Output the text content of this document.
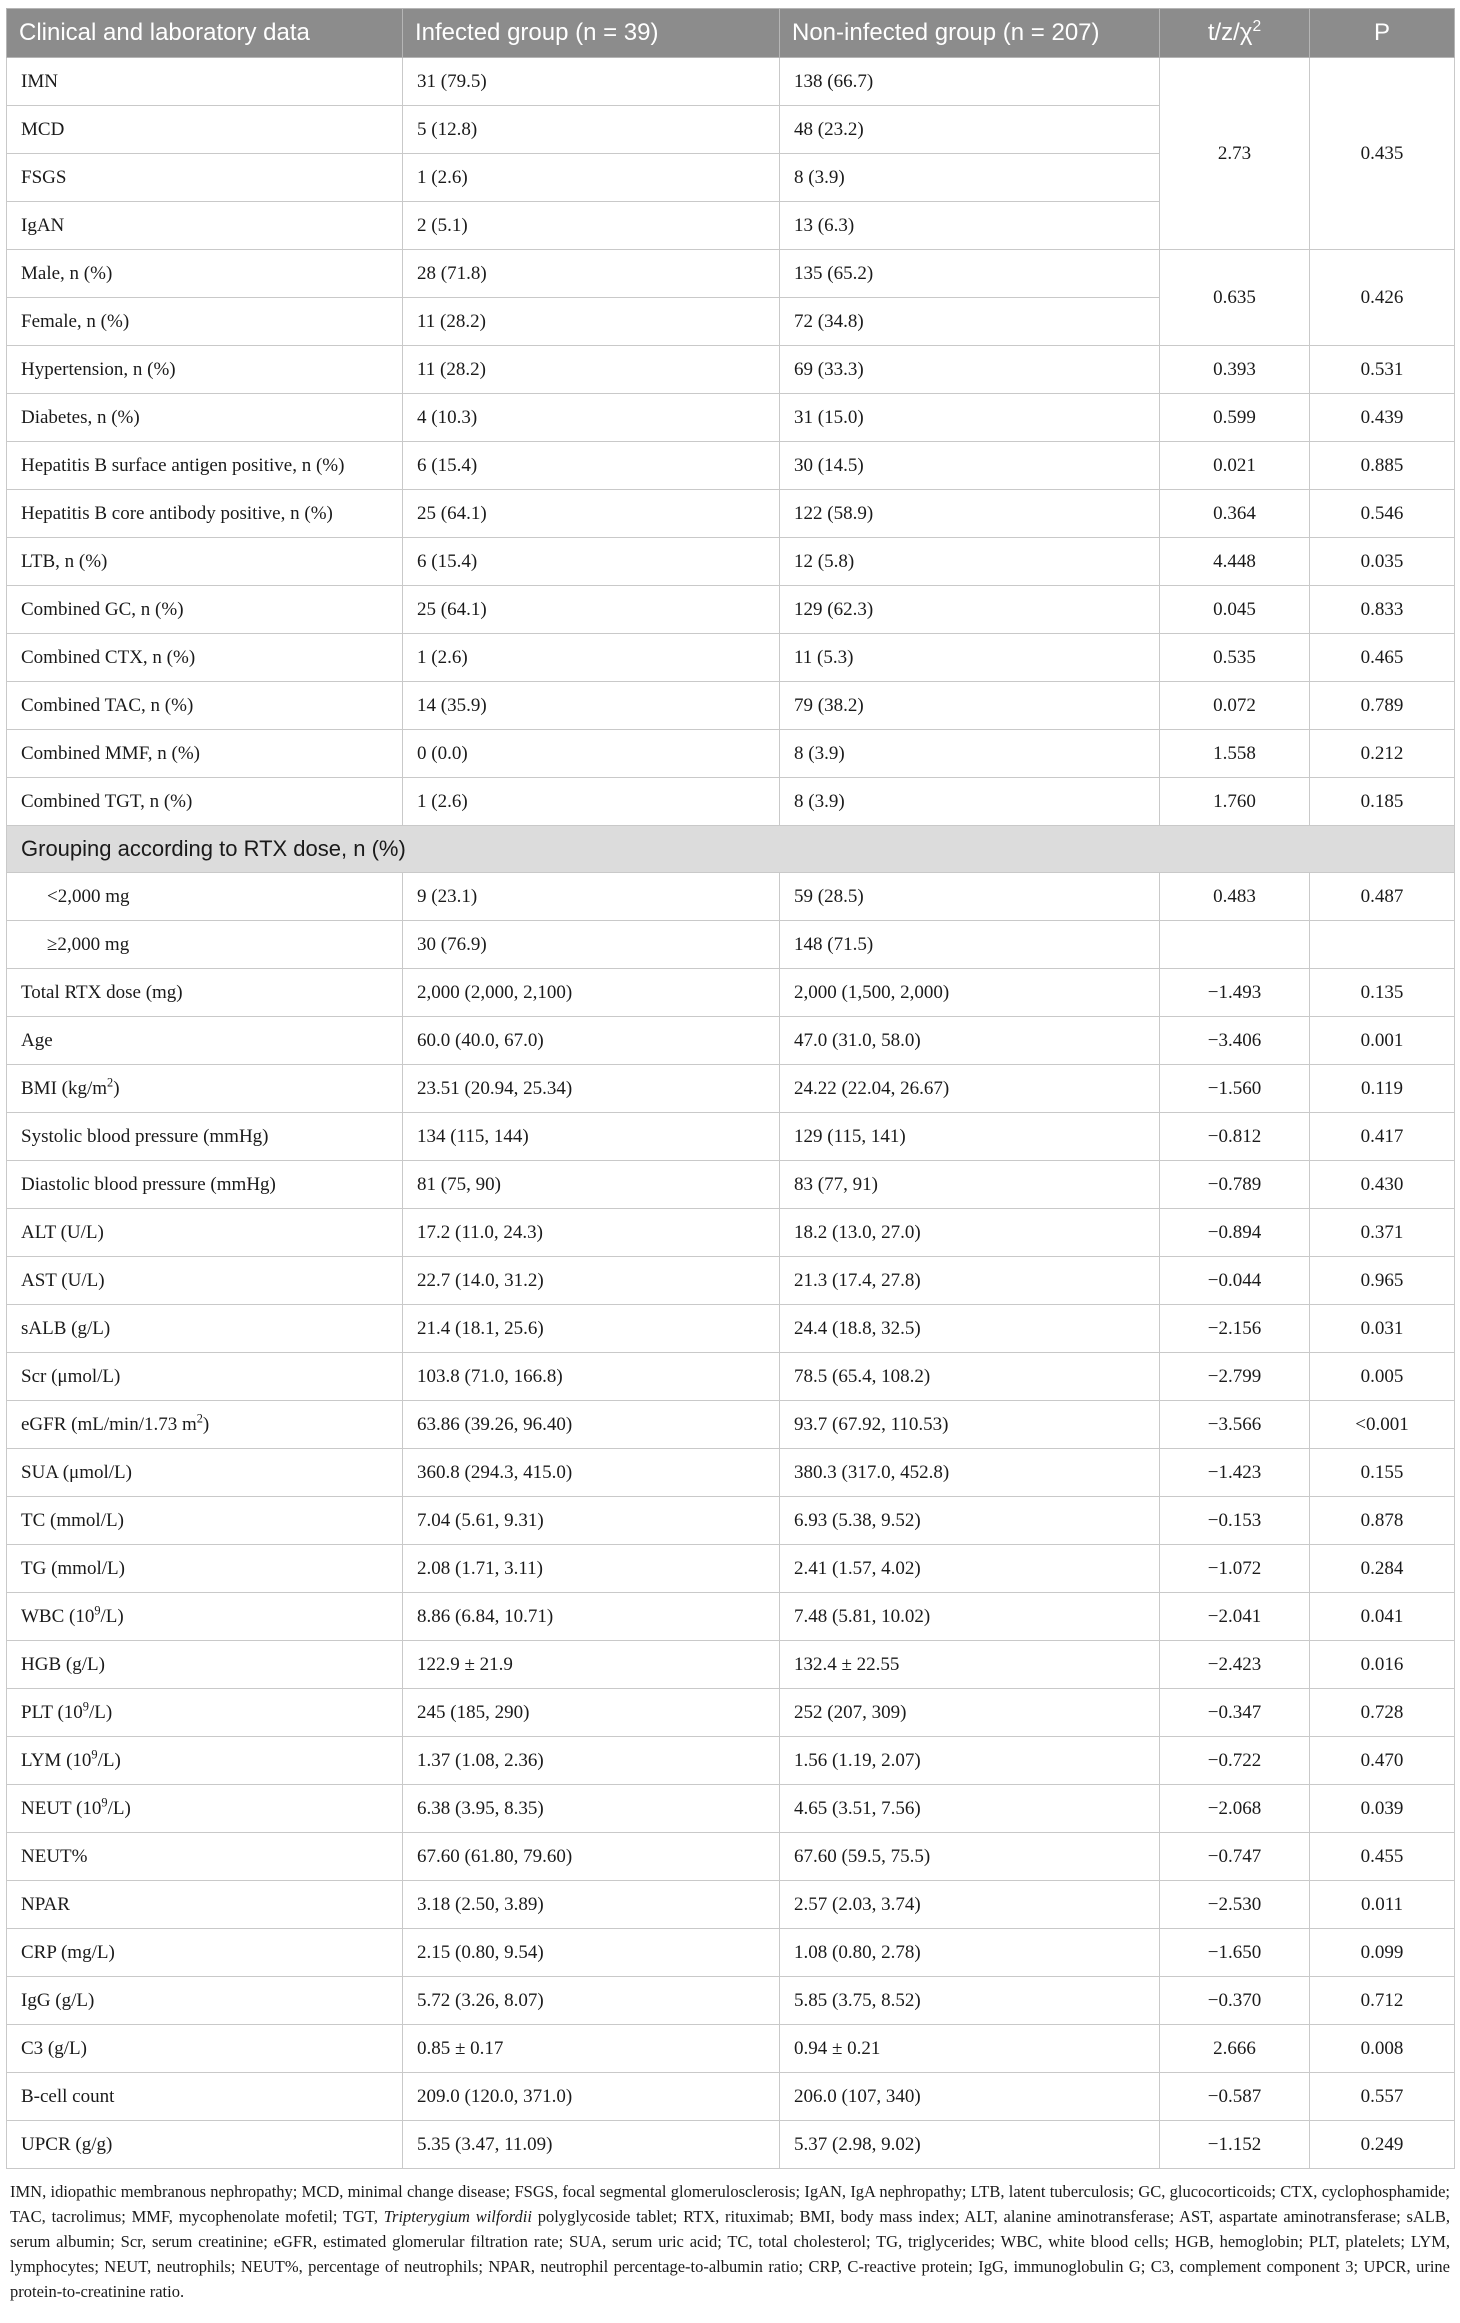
Clinical and laboratory data	Infected group (n = 39)	Non-infected group (n = 207)	$t/z/\chi^2$	P
IMN	31 (79.5)	138 (66.7)	2.73	0.435
MCD	5 (12.8)	48 (23.2)		
FSGS	1 (2.6)	8 (3.9)		
IgAN	2 (5.1)	13 (6.3)		
Male, n (%)	28 (71.8)	135 (65.2)	0.635	0.426
Female, n (%)	11 (28.2)	72 (34.8)		
Hypertension, n (%)	11 (28.2)	69 (33.3)	0.393	0.531
Diabetes, n (%)	4 (10.3)	31 (15.0)	0.599	0.439
Hepatitis B surface antigen positive, n (%)	6 (15.4)	30 (14.5)	0.021	0.885
Hepatitis B core antibody positive, n (%)	25 (64.1)	122 (58.9)	0.364	0.546
LTB, n (%)	6 (15.4)	12 (5.8)	4.448	0.035
Combined GC, n (%)	25 (64.1)	129 (62.3)	0.045	0.833
Combined CTX, n (%)	1 (2.6)	11 (5.3)	0.535	0.465
Combined TAC, n (%)	14 (35.9)	79 (38.2)	0.072	0.789
Combined MMF, n (%)	0 (0.0)	8 (3.9)	1.558	0.212
Combined TGT, n (%)	1 (2.6)	8 (3.9)	1.760	0.185
Grouping according to RTX dose, n (%)				
<2,000 mg	9 (23.1)	59 (28.5)	0.483	0.487
≥2,000 mg	30 (76.9)	148 (71.5)		
Total RTX dose (mg)	2,000 (2,000, 2,100)	2,000 (1,500, 2,000)	−1.493	0.135
Age	60.0 (40.0, 67.0)	47.0 (31.0, 58.0)	−3.406	0.001
BMI $(kg/m^2)$	23.51 (20.94, 25.34)	24.22 (22.04, 26.67)	−1.560	0.119
Systolic blood pressure (mmHg)	134 (115, 144)	129 (115, 141)	−0.812	0.417
Diastolic blood pressure (mmHg)	81 (75, 90)	83 (77, 91)	−0.789	0.430
ALT (U/L)	17.2 (11.0, 24.3)	18.2 (13.0, 27.0)	−0.894	0.371
AST (U/L)	22.7 (14.0, 31.2)	21.3 (17.4, 27.8)	−0.044	0.965
sALB (g/L)	21.4 (18.1, 25.6)	24.4 (18.8, 32.5)	−2.156	0.031
Scr (μmol/L)	103.8 (71.0, 166.8)	78.5 (65.4, 108.2)	−2.799	0.005
eGFR (mL/min/1.73 $m^2$)	63.86 (39.26, 96.40)	93.7 (67.92, 110.53)	−3.566	<0.001
SUA (μmol/L)	360.8 (294.3, 415.0)	380.3 (317.0, 452.8)	−1.423	0.155
TC (mmol/L)	7.04 (5.61, 9.31)	6.93 (5.38, 9.52)	−0.153	0.878
TG (mmol/L)	2.08 (1.71, 3.11)	2.41 (1.57, 4.02)	−1.072	0.284
WBC $(10^9/L)$	8.86 (6.84, 10.71)	7.48 (5.81, 10.02)	−2.041	0.041
HGB (g/L)	122.9 ± 21.9	132.4 ± 22.55	−2.423	0.016
PLT $(10^9/L)$	245 (185, 290)	252 (207, 309)	−0.347	0.728
LYM $(10^9/L)$	1.37 (1.08, 2.36)	1.56 (1.19, 2.07)	−0.722	0.470
NEUT $(10^9/L)$	6.38 (3.95, 8.35)	4.65 (3.51, 7.56)	−2.068	0.039
NEUT%	67.60 (61.80, 79.60)	67.60 (59.5, 75.5)	−0.747	0.455
NPAR	3.18 (2.50, 3.89)	2.57 (2.03, 3.74)	−2.530	0.011
CRP (mg/L)	2.15 (0.80, 9.54)	1.08 (0.80, 2.78)	−1.650	0.099
IgG (g/L)	5.72 (3.26, 8.07)	5.85 (3.75, 8.52)	−0.370	0.712
C3 (g/L)	0.85 ± 0.17	0.94 ± 0.21	2.666	0.008
B-cell count	209.0 (120.0, 371.0)	206.0 (107, 340)	−0.587	0.557
UPCR (g/g)	5.35 (3.47, 11.09)	5.37 (2.98, 9.02)	−1.152	0.249
IMN, idiopathic membranous nephropathy; MCD, minimal change disease; FSGS, focal segmental glomerulosclerosis; IgAN, IgA nephropathy; LTB, latent tuberculosis; GC, glucocorticoids; CTX, cyclophosphamide; TAC, tacrolimus; MMF, mycophenolate mofetil; TGT, Tripterygium wilfordii polyglycoside tablet; RTX, rituximab; BMI, body mass index; ALT, alanine aminotransferase; AST, aspartate aminotransferase; sALB, serum albumin; Scr, serum creatinine; eGFR, estimated glomerular filtration rate; SUA, serum uric acid; TC, total cholesterol; TG, triglycerides; WBC, white blood cells; HGB, hemoglobin; PLT, platelets; LYM, lymphocytes; NEUT, neutrophils; NEUT%, percentage of neutrophils; NPAR, neutrophil percentage-to-albumin ratio; CRP, C-reactive protein; IgG, immunoglobulin G; C3, complement component 3; UPCR, urine protein-to-creatinine ratio.
